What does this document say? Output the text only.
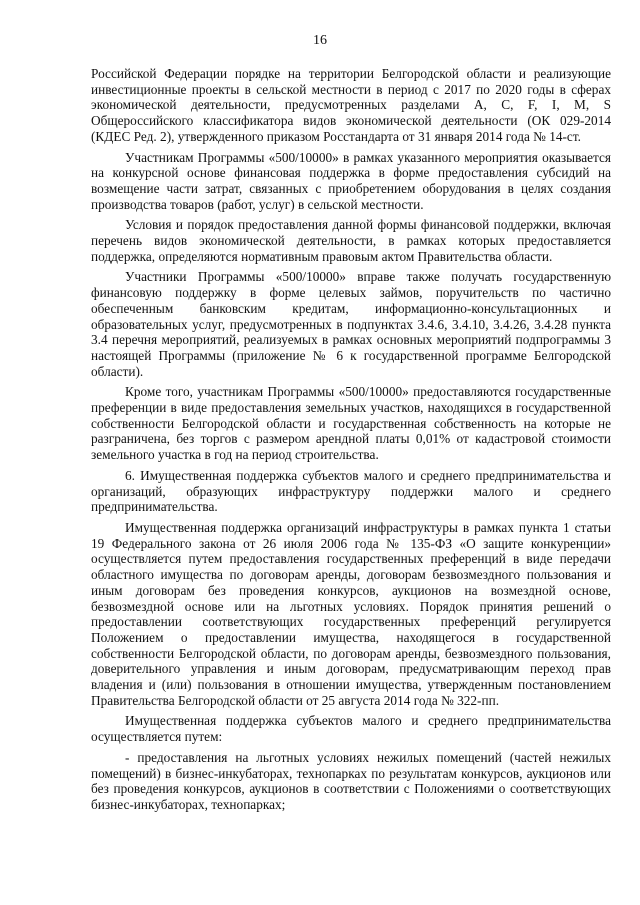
16

Российской Федерации порядке на территории Белгородской области и реализующие инвестиционные проекты в сельской местности в период с 2017 по 2020 годы в сферах экономической деятельности, предусмотренных разделами A, C, F, I, M, S Общероссийского классификатора видов экономической деятельности (ОК 029-2014 (КДЕС Ред. 2), утвержденного приказом Росстандарта от 31 января 2014 года № 14-ст.

Участникам Программы «500/10000» в рамках указанного мероприятия оказывается на конкурсной основе финансовая поддержка в форме предоставления субсидий на возмещение части затрат, связанных с приобретением оборудования в целях создания производства товаров (работ, услуг) в сельской местности.

Условия и порядок предоставления данной формы финансовой поддержки, включая перечень видов экономической деятельности, в рамках которых предоставляется поддержка, определяются нормативным правовым актом Правительства области.

Участники Программы «500/10000» вправе также получать государственную финансовую поддержку в форме целевых займов, поручительств по частично обеспеченным банковским кредитам, информационно-консультационных и образовательных услуг, предусмотренных в подпунктах 3.4.6, 3.4.10, 3.4.26, 3.4.28 пункта 3.4 перечня мероприятий, реализуемых в рамках основных мероприятий подпрограммы 3 настоящей Программы (приложение № 6 к государственной программе Белгородской области).

Кроме того, участникам Программы «500/10000» предоставляются государственные преференции в виде предоставления земельных участков, находящихся в государственной собственности Белгородской области и государственная собственность на которые не разграничена, без торгов с размером арендной платы 0,01% от кадастровой стоимости земельного участка в год на период строительства.

6. Имущественная поддержка субъектов малого и среднего предпринимательства и организаций, образующих инфраструктуру поддержки малого и среднего предпринимательства.

Имущественная поддержка организаций инфраструктуры в рамках пункта 1 статьи 19 Федерального закона от 26 июля 2006 года № 135-ФЗ «О защите конкуренции» осуществляется путем предоставления государственных преференций в виде передачи областного имущества по договорам аренды, договорам безвозмездного пользования и иным договорам без проведения конкурсов, аукционов на возмездной основе, безвозмездной основе или на льготных условиях. Порядок принятия решений о предоставлении соответствующих государственных преференций регулируется Положением о предоставлении имущества, находящегося в государственной собственности Белгородской области, по договорам аренды, безвозмездного пользования, доверительного управления и иным договорам, предусматривающим переход прав владения и (или) пользования в отношении имущества, утвержденным постановлением Правительства Белгородской области от 25 августа 2014 года № 322-пп.

Имущественная поддержка субъектов малого и среднего предпринимательства осуществляется путем:

- предоставления на льготных условиях нежилых помещений (частей нежилых помещений) в бизнес-инкубаторах, технопарках по результатам конкурсов, аукционов или без проведения конкурсов, аукционов в соответствии с Положениями о соответствующих бизнес-инкубаторах, технопарках;
